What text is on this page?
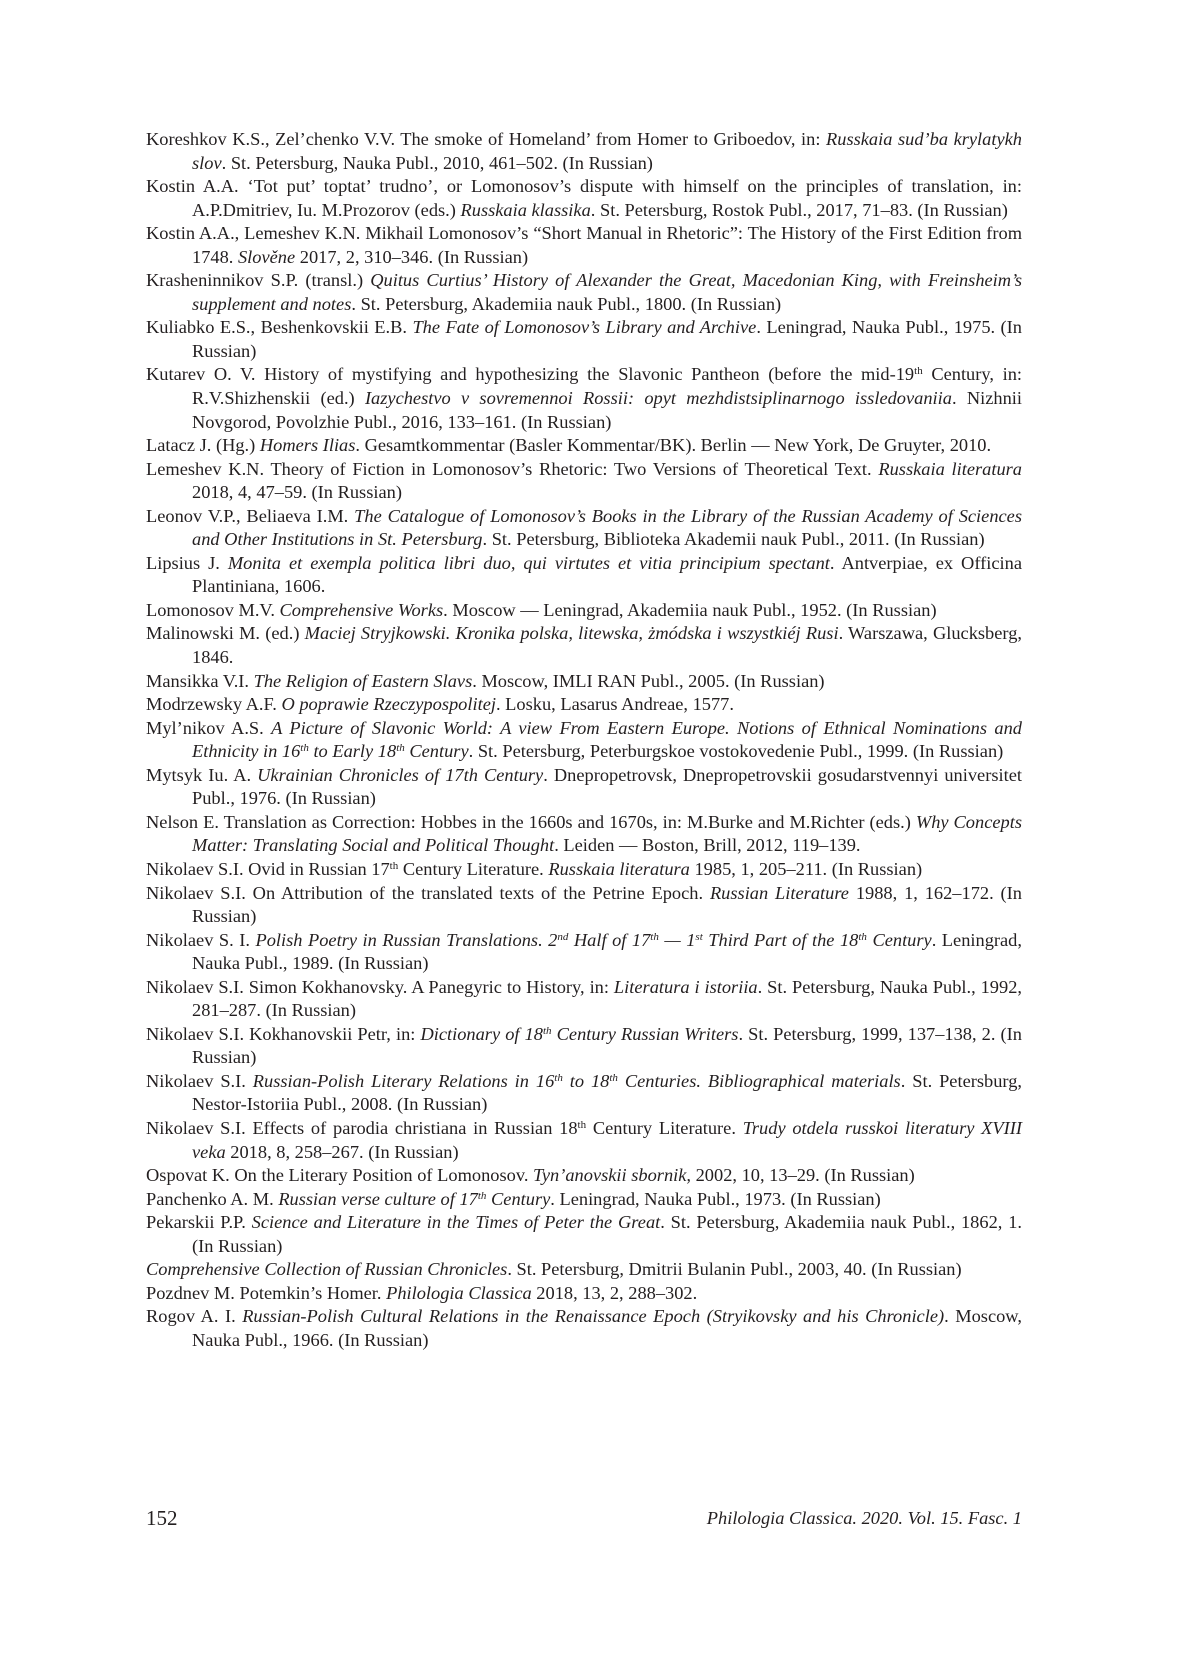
Koreshkov K.S., Zel’chenko V.V. The smoke of Homeland’ from Homer to Griboedov, in: Russkaia sud’ba krylatykh slov. St. Petersburg, Nauka Publ., 2010, 461–502. (In Russian)

Kostin A.A. ‘Tot put’ toptat’ trudno’, or Lomonosov’s dispute with himself on the principles of translation, in: A.P.Dmitriev, Iu. M.Prozorov (eds.) Russkaia klassika. St. Petersburg, Rostok Publ., 2017, 71–83. (In Russian)

Kostin A.A., Lemeshev K.N. Mikhail Lomonosov’s “Short Manual in Rhetoric”: The History of the First Edition from 1748. Slověne 2017, 2, 310–346. (In Russian)

Krasheninnikov S.P. (transl.) Quitus Curtius’ History of Alexander the Great, Macedonian King, with Freinsheim’s supplement and notes. St. Petersburg, Akademiia nauk Publ., 1800. (In Russian)

Kuliabko E.S., Beshenkovskii E.B. The Fate of Lomonosov’s Library and Archive. Leningrad, Nauka Publ., 1975. (In Russian)

Kutarev O. V. History of mystifying and hypothesizing the Slavonic Pantheon (before the mid-19th Century, in: R.V.Shizhenskii (ed.) Iazychestvo v sovremennoi Rossii: opyt mezhdistsiplinarnogo issledovaniia. Nizhnii Novgorod, Povolzhie Publ., 2016, 133–161. (In Russian)

Latacz J. (Hg.) Homers Ilias. Gesamtkommentar (Basler Kommentar/BK). Berlin — New York, De Gruyter, 2010.

Lemeshev K.N. Theory of Fiction in Lomonosov’s Rhetoric: Two Versions of Theoretical Text. Russkaia literatura 2018, 4, 47–59. (In Russian)

Leonov V.P., Beliaeva I.M. The Catalogue of Lomonosov’s Books in the Library of the Russian Academy of Sciences and Other Institutions in St. Petersburg. St. Petersburg, Biblioteka Akademii nauk Publ., 2011. (In Russian)

Lipsius J. Monita et exempla politica libri duo, qui virtutes et vitia principium spectant. Antverpiae, ex Officina Plantiniana, 1606.

Lomonosov M.V. Comprehensive Works. Moscow — Leningrad, Akademiia nauk Publ., 1952. (In Russian)

Malinowski M. (ed.) Maciej Stryjkowski. Kronika polska, litewska, żmódska i wszystkiéj Rusi. Warszawa, Glucksberg, 1846.

Mansikka V.I. The Religion of Eastern Slavs. Moscow, IMLI RAN Publ., 2005. (In Russian)

Modrzewsky A.F. O poprawie Rzeczypospolitej. Losku, Lasarus Andreae, 1577.

Myl’nikov A.S. A Picture of Slavonic World: A view From Eastern Europe. Notions of Ethnical Nominations and Ethnicity in 16th to Early 18th Century. St. Petersburg, Peterburgskoe vostokovedenie Publ., 1999. (In Russian)

Mytsyk Iu. A. Ukrainian Chronicles of 17th Century. Dnepropetrovsk, Dnepropetrovskii gosudarstvennyi universitet Publ., 1976. (In Russian)

Nelson E. Translation as Correction: Hobbes in the 1660s and 1670s, in: M.Burke and M.Richter (eds.) Why Concepts Matter: Translating Social and Political Thought. Leiden — Boston, Brill, 2012, 119–139.

Nikolaev S.I. Ovid in Russian 17th Century Literature. Russkaia literatura 1985, 1, 205–211. (In Russian)

Nikolaev S.I. On Attribution of the translated texts of the Petrine Epoch. Russian Literature 1988, 1, 162–172. (In Russian)

Nikolaev S. I. Polish Poetry in Russian Translations. 2nd Half of 17th — 1st Third Part of the 18th Century. Leningrad, Nauka Publ., 1989. (In Russian)

Nikolaev S.I. Simon Kokhanovsky. A Panegyric to History, in: Literatura i istoriia. St. Petersburg, Nauka Publ., 1992, 281–287. (In Russian)

Nikolaev S.I. Kokhanovskii Petr, in: Dictionary of 18th Century Russian Writers. St. Petersburg, 1999, 137–138, 2. (In Russian)

Nikolaev S.I. Russian-Polish Literary Relations in 16th to 18th Centuries. Bibliographical materials. St. Petersburg, Nestor-Istoriia Publ., 2008. (In Russian)

Nikolaev S.I. Effects of parodia christiana in Russian 18th Century Literature. Trudy otdela russkoi literatury XVIII veka 2018, 8, 258–267. (In Russian)

Ospovat K. On the Literary Position of Lomonosov. Tyn’anovskii sbornik, 2002, 10, 13–29. (In Russian)

Panchenko A. M. Russian verse culture of 17th Century. Leningrad, Nauka Publ., 1973. (In Russian)

Pekarskii P.P. Science and Literature in the Times of Peter the Great. St. Petersburg, Akademiia nauk Publ., 1862, 1. (In Russian)

Comprehensive Collection of Russian Chronicles. St. Petersburg, Dmitrii Bulanin Publ., 2003, 40. (In Russian)

Pozdnev M. Potemkin’s Homer. Philologia Classica 2018, 13, 2, 288–302.

Rogov A. I. Russian-Polish Cultural Relations in the Renaissance Epoch (Stryikovsky and his Chronicle). Moscow, Nauka Publ., 1966. (In Russian)

152	Philologia Classica. 2020. Vol. 15. Fasc. 1
